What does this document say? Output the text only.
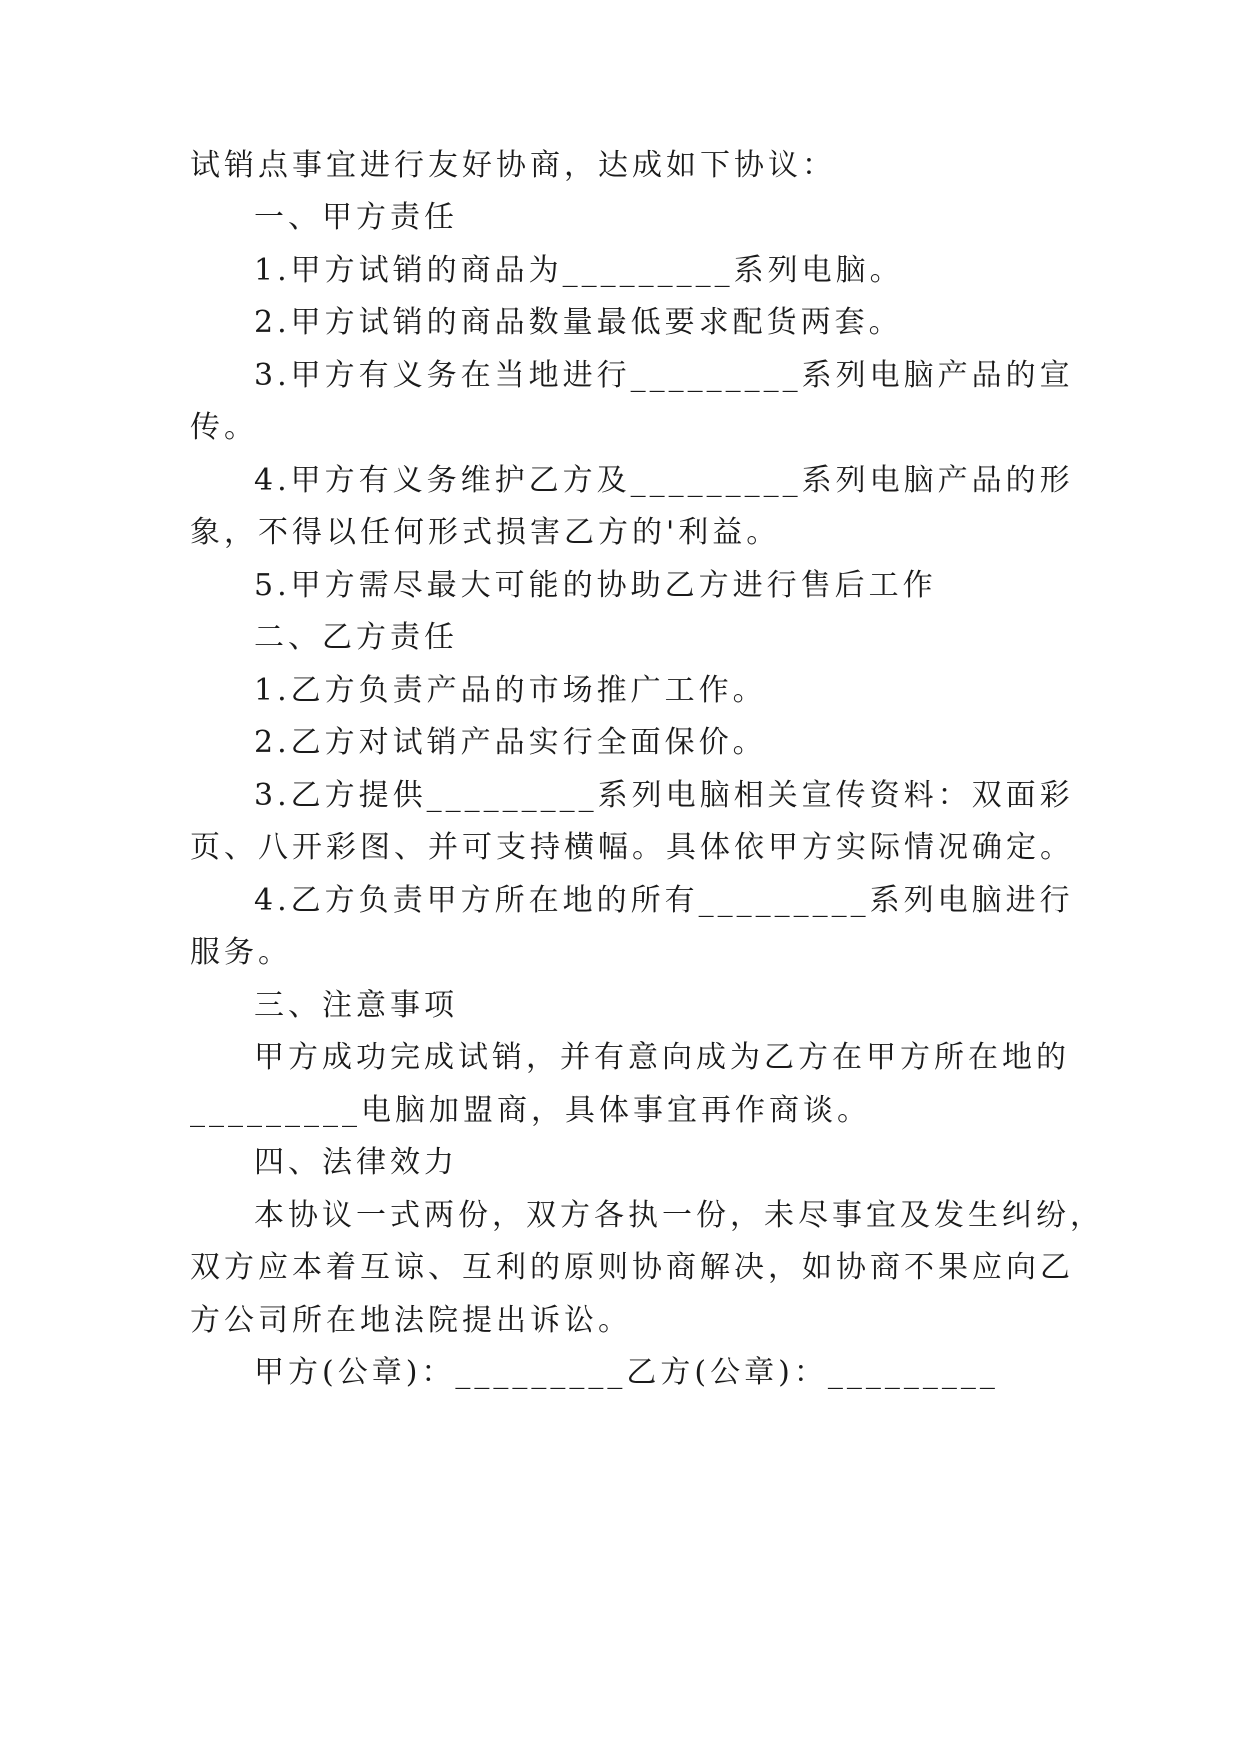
试销点事宜进行友好协商，达成如下协议：
一、甲方责任
1.甲方试销的商品为_________系列电脑。
2.甲方试销的商品数量最低要求配货两套。
3.甲方有义务在当地进行_________系列电脑产品的宣
传。
4.甲方有义务维护乙方及_________系列电脑产品的形
象，不得以任何形式损害乙方的'利益。
5.甲方需尽最大可能的协助乙方进行售后工作
二、乙方责任
1.乙方负责产品的市场推广工作。
2.乙方对试销产品实行全面保价。
3.乙方提供_________系列电脑相关宣传资料：双面彩
页、八开彩图、并可支持横幅。具体依甲方实际情况确定。
4.乙方负责甲方所在地的所有_________系列电脑进行
服务。
三、注意事项
甲方成功完成试销，并有意向成为乙方在甲方所在地的
_________电脑加盟商，具体事宜再作商谈。
四、法律效力
本协议一式两份，双方各执一份，未尽事宜及发生纠纷，
双方应本着互谅、互利的原则协商解决，如协商不果应向乙
方公司所在地法院提出诉讼。
甲方(公章)：_________乙方(公章)：_________
